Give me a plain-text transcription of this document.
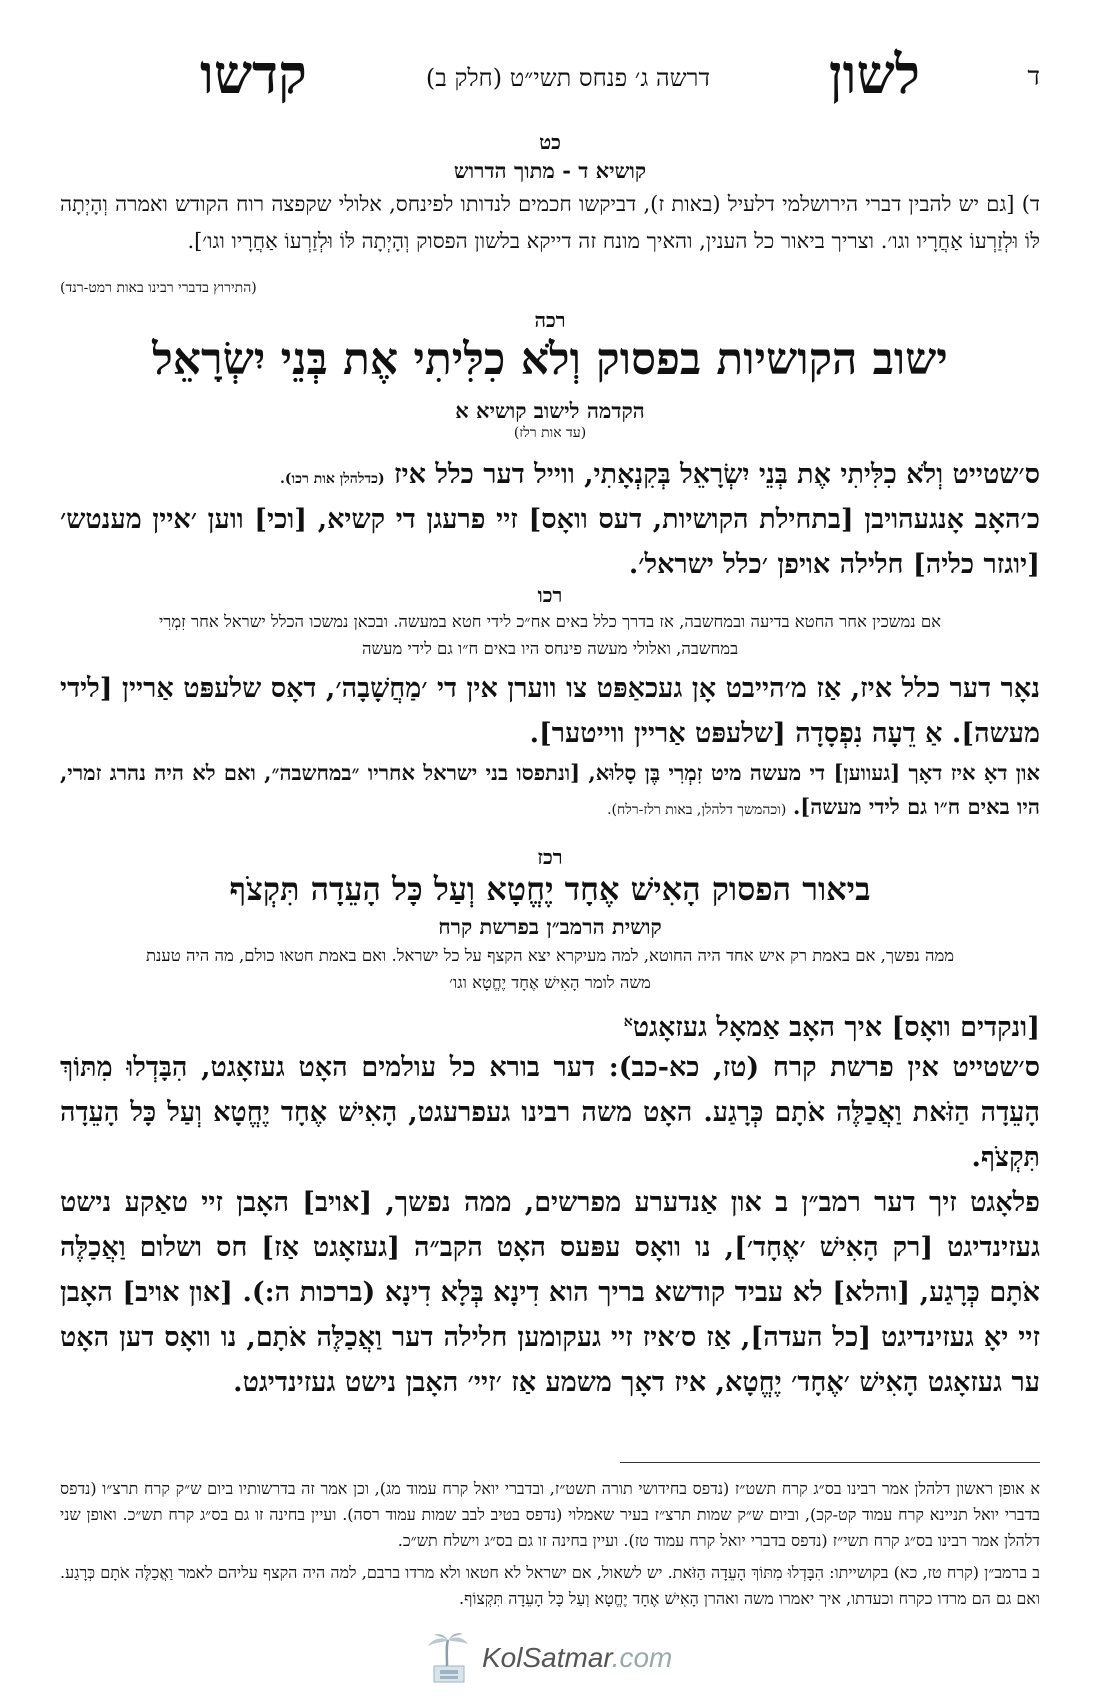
ד
לשון
דרשה ג׳ פנחס תשי״ט (חלק ב)
קדשו
כט
קושיא ד - מתוך הדרוש
ד) [גם יש להבין דברי הירושלמי דלעיל (באות ז), דביקשו חכמים לנדותו לפינחס, אלולי שקפצה רוח הקודש ואמרה וְהָיְתָה לּוֹ וּלְזַרְעוֹ אַחֲרָיו וגו׳. וצריך ביאור כל הענין, והאיך מונח זה דייקא בלשון הפסוק וְהָיְתָה לּוֹ וּלְזַרְעוֹ אַחֲרָיו וגו׳].
(התירוץ בדברי רבינו באות רמט-רנד)
רכה
ישוב הקושיות בפסוק וְלֹא כִלִּיתִי אֶת בְּנֵי יִשְׂרָאֵל
הקדמה לישוב קושיא א
(עד אות רלז)
ס׳שטייט וְלֹא כִלִּיתִי אֶת בְּנֵי יִשְׂרָאֵל בְּקִנְאָתִי, ווייל דער כלל איז (כדלהלן אות רכו).
כ׳האָב אָנגעהויבן [בתחילת הקושיות, דעס וואָס] זיי פרעגן די קשיא, [וכי] ווען ׳איין מענטש׳ [יוגזר כליה] חלילה אויפן ׳כלל ישראל׳.
רכו
אם נמשכין אחר החטא בדיעה ובמחשבה, אז בדרך כלל באים אח״כ לידי חטא במעשה. ובכאן נמשכו הכלל ישראל אחר זִמְרִי במחשבה, ואלולי מעשה פינחס היו באים ח״ו גם לידי מעשה
נאָר דער כלל איז, אַז מ׳הייבט אָן געכאַפּט צו ווערן אין די ׳מַחֲשָׁבָה׳, דאָס שלעפּט אַריין [לידי מעשה]. אַ דֵעָה נִפְסָדָה [שלעפּט אַריין ווייטער].
און דאָ איז דאָך [געווען] די מעשה מיט זִמְרִי בֶּן סָלוּא, [ונתפסו בני ישראל אחריו ״במחשבה״, ואם לא היה נהרג זמרי, היו באים ח״ו גם לידי מעשה]. (וכהמשך דלהלן, באות רלז-רלח).
רכז
ביאור הפסוק הָאִישׁ אֶחָד יֶחֱטָא וְעַל כָּל הָעֵדָה תִּקְצֹף
קושית הרמב״ן בפרשת קרח
ממה נפשך, אם באמת רק איש אחד היה החוטא, למה מעיקרא יצא הקצף על כל ישראל. ואם באמת חטאו כולם, מה היה טענת משה לומר הָאִישׁ אֶחָד יֶחֱטָא וגו׳
[ונקדים וואָס] איך האָב אַמאָל געזאָגט$^א$
ס׳שטייט אין פרשת קרח (טז, כא-כב): דער בורא כל עולמים האָט געזאָגט, הִבָּדְלוּ מִתּוֹךְ הָעֵדָה הַזֹּאת וַאֲכַלֶּה אֹתָם כְּרָגַע. האָט משה רבינו געפרעגט, הָאִישׁ אֶחָד יֶחֱטָא וְעַל כָּל הָעֵדָה תִּקְצֹף.
פלאָגט זיך דער רמב״ן ב און אַנדערע מפרשים, ממה נפשך, [אויב] האָבן זיי טאַקע נישט געזינדיגט [רק הָאִישׁ ׳אֶחָד׳], נו וואָס עפּעס האָט הקב״ה [געזאָגט אַז] חס ושלום וַאֲכַלֶּה אֹתָם כְּרָגַע, [והלא] לא עביד קודשא בריך הוא דִינָא בְּלָא דִינָא (ברכות ה:). [און אויב] האָבן זיי יאָ געזינדיגט [כל העדה], אַז ס׳איז זיי געקומען חלילה דער וַאֲכַלֶּה אֹתָם, נו וואָס דען האָט ער געזאָגט הָאִישׁ ׳אֶחָד׳ יֶחֱטָא, איז דאָך משמע אַז ׳זיי׳ האָבן נישט געזינדיגט.
א אופן ראשון דלהלן אמר רבינו בס״ג קרח תשט״ז (נדפס בחידושי תורה תשט״ז, ובדברי יואל קרח עמוד מג), וכן אמר זה בדרשותיו ביום ש״ק קרח תרצ״ו (נדפס בדברי יואל תניינא קרח עמוד קט-קכ), וביום ש״ק שמות תרצ״ז בעיר שאמלוי (נדפס בטיב לבב שמות עמוד רסה). ועיין בחינה זו גם בס״ג קרח תש״כ. ואופן שני דלהלן אמר רבינו בס״ג קרח תשי״ז (נדפס בדברי יואל קרח עמוד טז). ועיין בחינה זו גם בס״ג וישלח תש״כ.
ב ברמב״ן (קרח טז, כא) בקושייתו: הִבָּדְלוּ מִתּוֹךְ הָעֵדָה הַזֹּאת. יש לשאול, אם ישראל לא חטאו ולא מרדו ברבם, למה היה הקצף עליהם לאמר וַאֲכַלֶּה אֹתָם כְּרָגַע. ואם גם הם מרדו כקרח וכעדתו, איך יאמרו משה ואהרן הָאִישׁ אֶחָד יֶחֱטָא וְעַל כָּל הָעֵדָה תִּקְצוֹף.
KolSatmar.com
